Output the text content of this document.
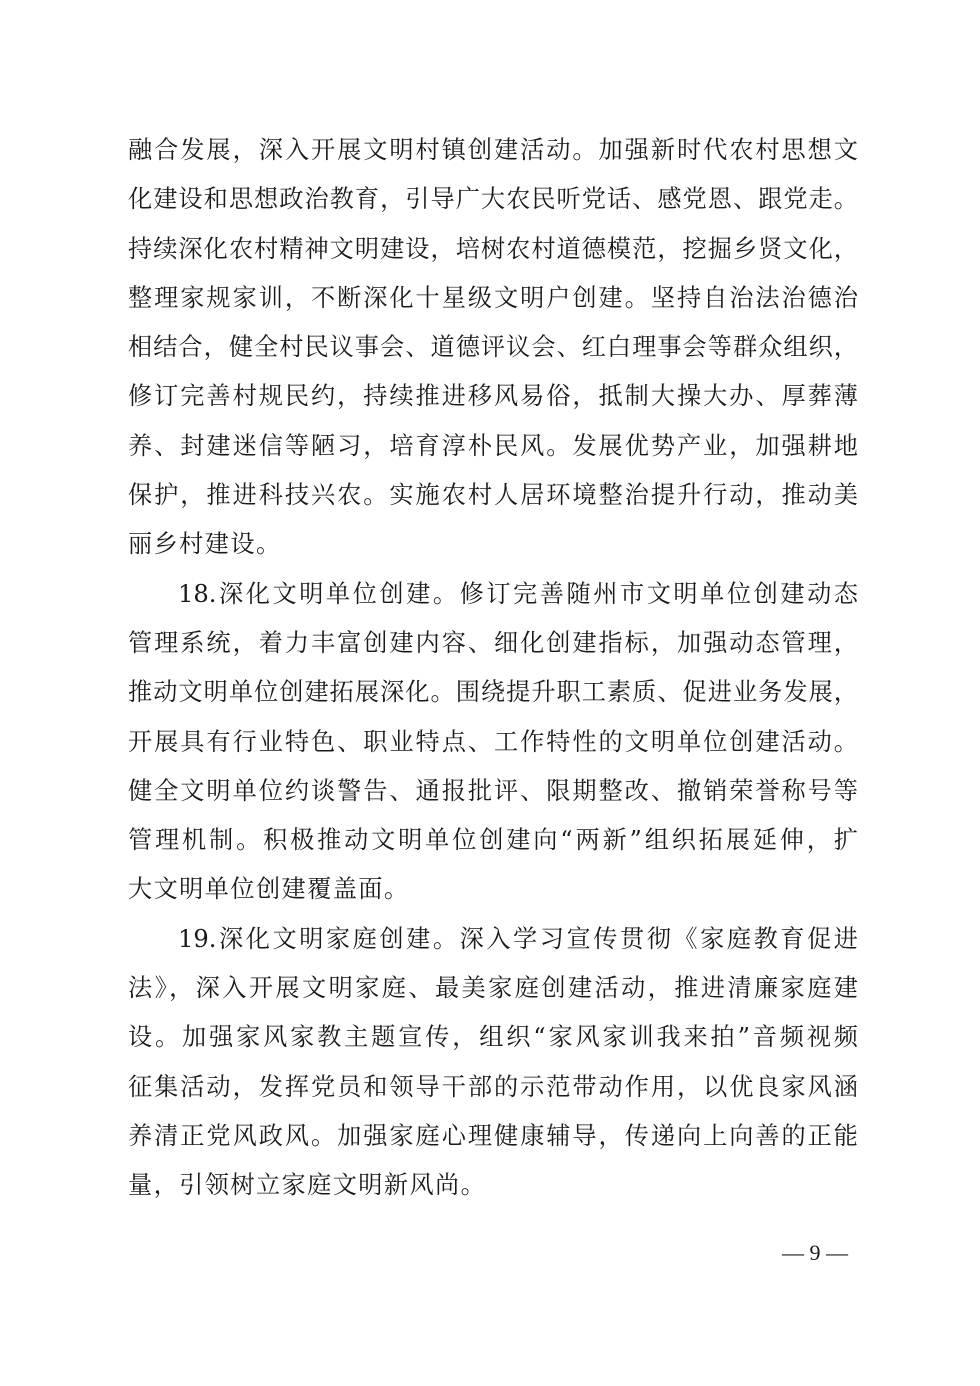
融合发展，深入开展文明村镇创建活动。加强新时代农村思想文
化建设和思想政治教育，引导广大农民听党话、感党恩、跟党走。
持续深化农村精神文明建设，培树农村道德模范，挖掘乡贤文化，
整理家规家训，不断深化十星级文明户创建。坚持自治法治德治
相结合，健全村民议事会、道德评议会、红白理事会等群众组织，
修订完善村规民约，持续推进移风易俗，抵制大操大办、厚葬薄
养、封建迷信等陋习，培育淳朴民风。发展优势产业，加强耕地
保护，推进科技兴农。实施农村人居环境整治提升行动，推动美
丽乡村建设。
18.深化文明单位创建。修订完善随州市文明单位创建动态
管理系统，着力丰富创建内容、细化创建指标，加强动态管理，
推动文明单位创建拓展深化。围绕提升职工素质、促进业务发展，
开展具有行业特色、职业特点、工作特性的文明单位创建活动。
健全文明单位约谈警告、通报批评、限期整改、撤销荣誉称号等
管理机制。积极推动文明单位创建向“两新”组织拓展延伸，扩
大文明单位创建覆盖面。
19.深化文明家庭创建。深入学习宣传贯彻《家庭教育促进
法》，深入开展文明家庭、最美家庭创建活动，推进清廉家庭建
设。加强家风家教主题宣传，组织“家风家训我来拍”音频视频
征集活动，发挥党员和领导干部的示范带动作用，以优良家风涵
养清正党风政风。加强家庭心理健康辅导，传递向上向善的正能
量，引领树立家庭文明新风尚。
— 9 —
